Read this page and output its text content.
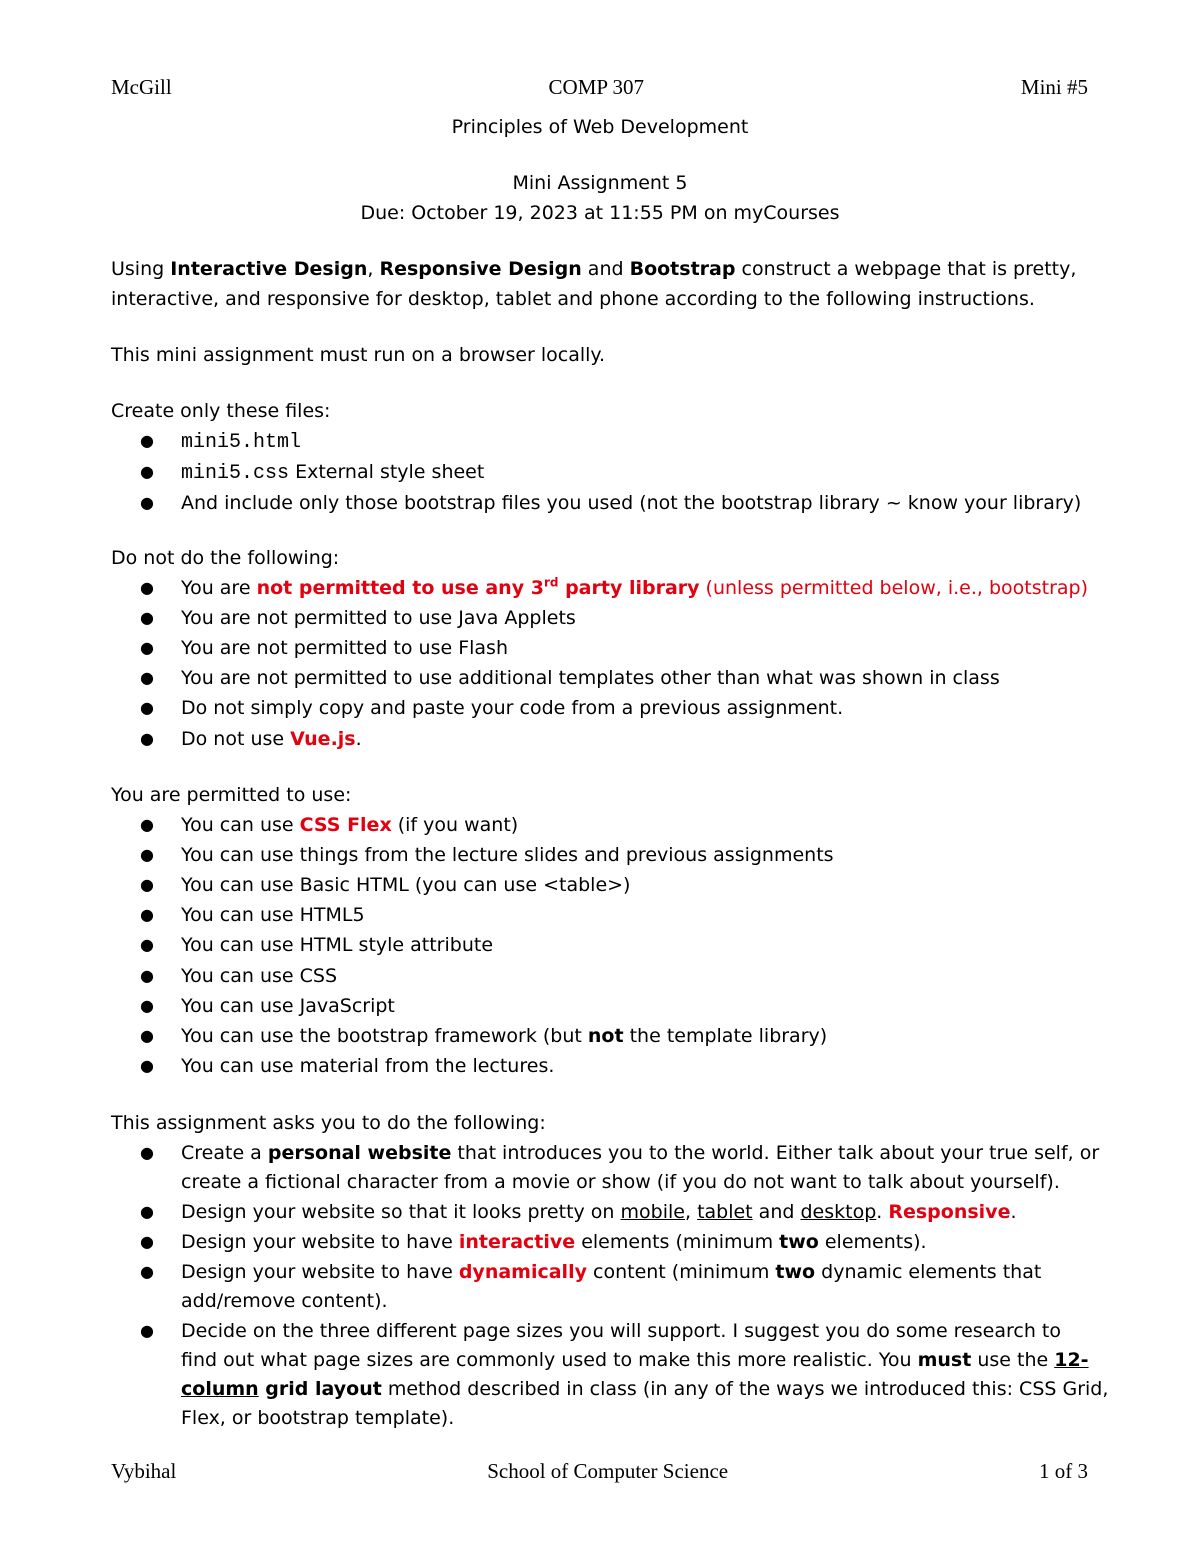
McGill	COMP 307	Mini #5
Principles of Web Development
Mini Assignment 5
Due: October 19, 2023 at 11:55 PM on myCourses
Using Interactive Design, Responsive Design and Bootstrap construct a webpage that is pretty,
interactive, and responsive for desktop, tablet and phone according to the following instructions.
This mini assignment must run on a browser locally.
Create only these files:
●	mini5.html
●	mini5.css External style sheet
●	And include only those bootstrap files you used (not the bootstrap library ~ know your library)
Do not do the following:
●	You are not permitted to use any 3rd party library (unless permitted below, i.e., bootstrap)
●	You are not permitted to use Java Applets
●	You are not permitted to use Flash
●	You are not permitted to use additional templates other than what was shown in class
●	Do not simply copy and paste your code from a previous assignment.
●	Do not use Vue.js.
You are permitted to use:
●	You can use CSS Flex (if you want)
●	You can use things from the lecture slides and previous assignments
●	You can use Basic HTML (you can use <table>)
●	You can use HTML5
●	You can use HTML style attribute
●	You can use CSS
●	You can use JavaScript
●	You can use the bootstrap framework (but not the template library)
●	You can use material from the lectures.
This assignment asks you to do the following:
●	Create a personal website that introduces you to the world. Either talk about your true self, or
create a fictional character from a movie or show (if you do not want to talk about yourself).
●	Design your website so that it looks pretty on mobile, tablet and desktop. Responsive.
●	Design your website to have interactive elements (minimum two elements).
●	Design your website to have dynamically content (minimum two dynamic elements that
add/remove content).
●	Decide on the three different page sizes you will support. I suggest you do some research to
find out what page sizes are commonly used to make this more realistic. You must use the 12-
column grid layout method described in class (in any of the ways we introduced this: CSS Grid,
Flex, or bootstrap template).
Vybihal	School of Computer Science	1 of 3
